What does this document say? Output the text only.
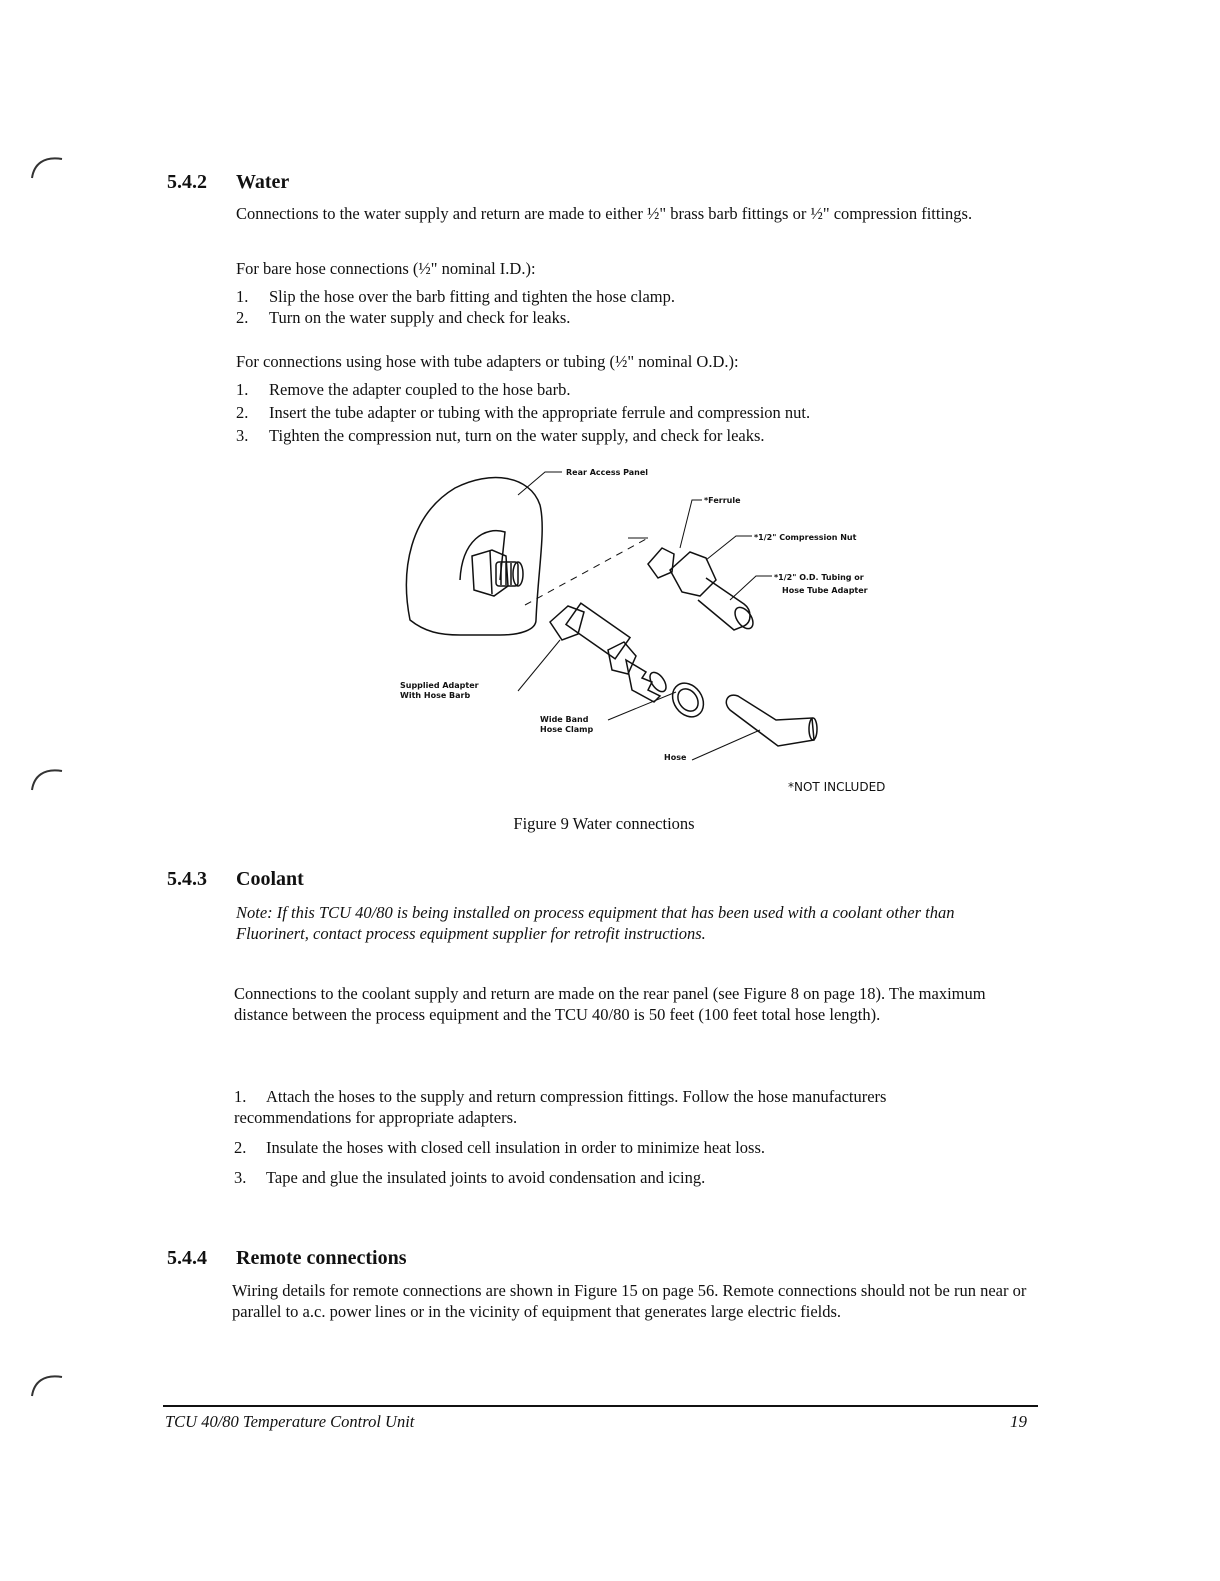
5.4.2 Water

Connections to the water supply and return are made to either ½" brass barb fittings or ½" compression fittings.

For bare hose connections (½" nominal I.D.):

1. Slip the hose over the barb fitting and tighten the hose clamp.
2. Turn on the water supply and check for leaks.

For connections using hose with tube adapters or tubing (½" nominal O.D.):

1. Remove the adapter coupled to the hose barb.
2. Insert the tube adapter or tubing with the appropriate ferrule and compression nut.
3. Tighten the compression nut, turn on the water supply, and check for leaks.
Rear Access Panel
*Ferrule
*1/2" Compression Nut
*1/2" O.D. Tubing or
Hose Tube Adapter
Supplied Adapter
With Hose Barb
Wide Band
Hose Clamp
Hose
*NOT INCLUDED
Figure 9 Water connections
5.4.3 Coolant

Note: If this TCU 40/80 is being installed on process equipment that has been used with a coolant other than Fluorinert, contact process equipment supplier for retrofit instructions.

Connections to the coolant supply and return are made on the rear panel (see Figure 8 on page 18). The maximum distance between the process equipment and the TCU 40/80 is 50 feet (100 feet total hose length).

1. Attach the hoses to the supply and return compression fittings. Follow the hose manufacturers recommendations for appropriate adapters.
2. Insulate the hoses with closed cell insulation in order to minimize heat loss.
3. Tape and glue the insulated joints to avoid condensation and icing.
5.4.4 Remote connections

Wiring details for remote connections are shown in Figure 15 on page 56. Remote connections should not be run near or parallel to a.c. power lines or in the vicinity of equipment that generates large electric fields.

TCU 40/80 Temperature Control Unit	19
